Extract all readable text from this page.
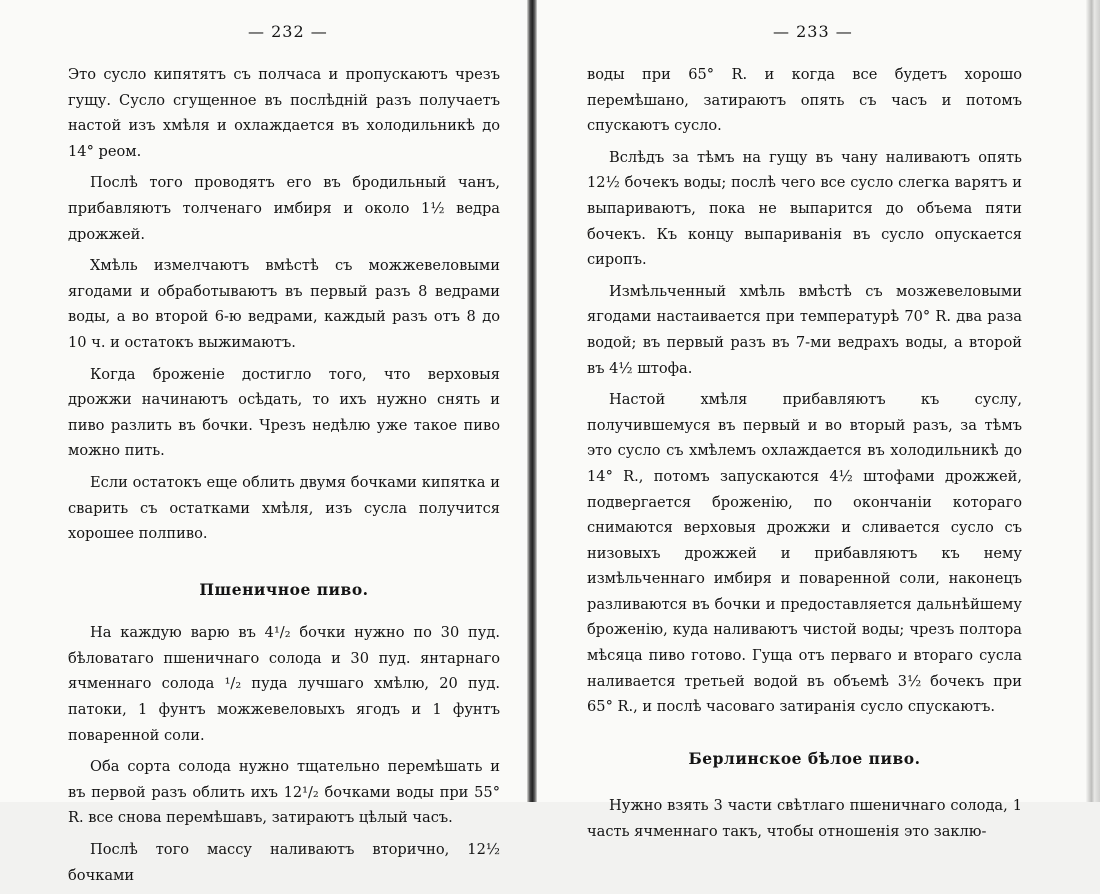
— 232 —

Это сусло кипятятъ съ полчаса и пропускаютъ чрезъ гущу. Сусло сгущенное въ послѣдній разъ получаетъ настой изъ хмѣля и охлаждается въ холодильникѣ до 14° реом.

Послѣ того проводятъ его въ бродильный чанъ, прибавляютъ толченаго имбиря и около 1½ ведра дрожжей.

Хмѣль измелчаютъ вмѣстѣ съ можжевеловыми ягодами и обработываютъ въ первый разъ 8 ведрами воды, а во второй 6-ю ведрами, каждый разъ отъ 8 до 10 ч. и остатокъ выжимаютъ.

Когда броженіе достигло того, что верховыя дрожжи начинаютъ осѣдать, то ихъ нужно снять и пиво разлить въ бочки. Чрезъ недѣлю уже такое пиво можно пить.

Если остатокъ еще облить двумя бочками кипятка и сварить съ остатками хмѣля, изъ сусла получится хорошее полпиво.

Пшеничное пиво.

На каждую варю въ 4¹/₂ бочки нужно по 30 пуд. бѣловатаго пшеничнаго солода и 30 пуд. янтарнаго ячменнаго солода ¹/₂ пуда лучшаго хмѣлю, 20 пуд. патоки, 1 фунтъ можжевеловыхъ ягодъ и 1 фунтъ поваренной соли.

Оба сорта солода нужно тщательно перемѣшать и въ первой разъ облить ихъ 12¹/₂ бочками воды при 55° R. все снова перемѣшавъ, затираютъ цѣлый часъ.

Послѣ того массу наливаютъ вторично, 12½ бочками

— 233 —

воды при 65° R. и когда все будетъ хорошо перемѣшано, затираютъ опять съ часъ и потомъ спускаютъ сусло.

Вслѣдъ за тѣмъ на гущу въ чану наливаютъ опять 12½ бочекъ воды; послѣ чего все сусло слегка варятъ и выпариваютъ, пока не выпарится до объема пяти бочекъ. Къ концу выпариванія въ сусло опускается сиропъ.

Измѣльченный хмѣль вмѣстѣ съ мозжевеловыми ягодами настаивается при температурѣ 70° R. два раза водой; въ первый разъ въ 7-ми ведрахъ воды, а второй въ 4½ штофа.

Настой хмѣля прибавляютъ къ суслу, получившемуся въ первый и во вторый разъ, за тѣмъ это сусло съ хмѣлемъ охлаждается въ холодильникѣ до 14° R., потомъ запускаются 4½ штофами дрожжей, подвергается броженію, по окончаніи котораго снимаются верховыя дрожжи и сливается сусло съ низовыхъ дрожжей и прибавляютъ къ нему измѣльченнаго имбиря и поваренной соли, наконецъ разливаются въ бочки и предоставляется дальнѣйшему броженію, куда наливаютъ чистой воды; чрезъ полтора мѣсяца пиво готово. Гуща отъ перваго и втораго сусла наливается третьей водой въ объемѣ 3½ бочекъ при 65° R., и послѣ часоваго затиранія сусло спускаютъ.

Берлинское бѣлое пиво.

Нужно взять 3 части свѣтлаго пшеничнаго солода, 1 часть ячменнаго такъ, чтобы отношенія это заклю-
